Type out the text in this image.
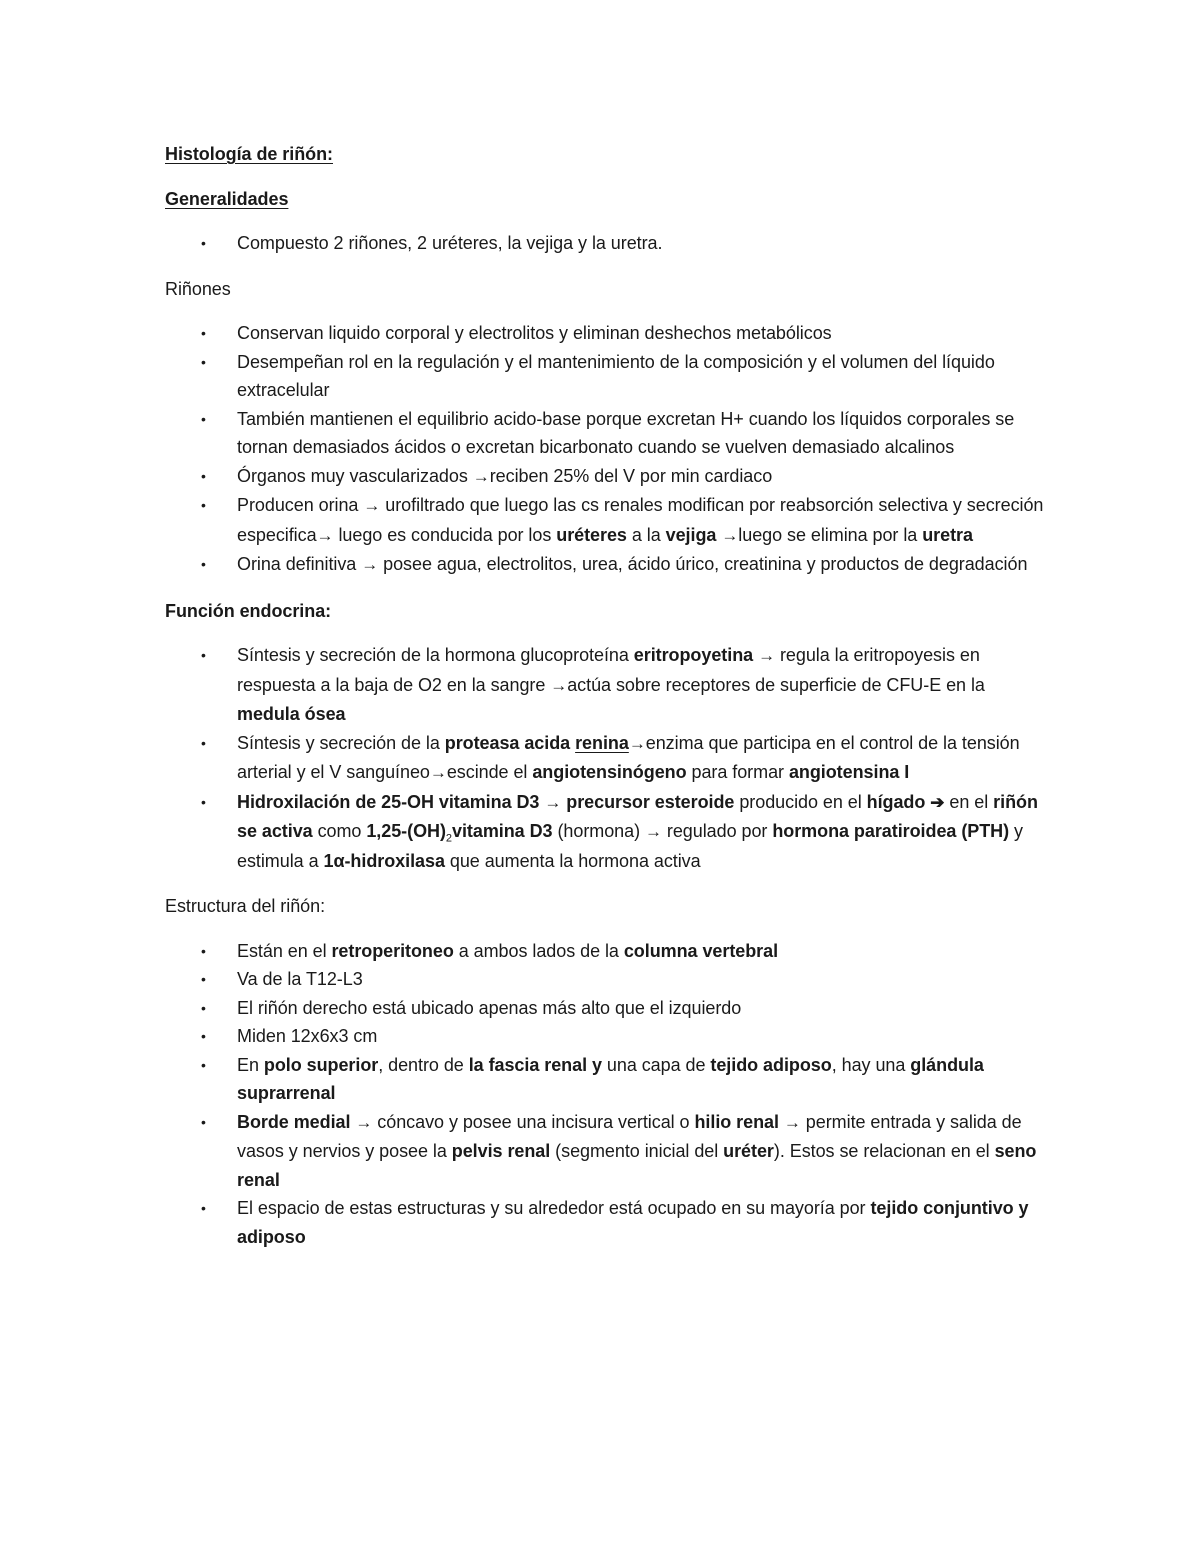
Histología de riñón:

Generalidades

•	Compuesto 2 riñones, 2 uréteres, la vejiga y la uretra.

Riñones

•	Conservan liquido corporal y electrolitos y eliminan deshechos metabólicos
•	Desempeñan rol en la regulación y el mantenimiento de la composición y el volumen del líquido extracelular
•	También mantienen el equilibrio acido-base porque excretan H+ cuando los líquidos corporales se tornan demasiados ácidos o excretan bicarbonato cuando se vuelven demasiado alcalinos
•	Órganos muy vascularizados →reciben 25% del V por min cardiaco
•	Producen orina → urofiltrado que luego las cs renales modifican por reabsorción selectiva y secreción especifica→ luego es conducida por los uréteres a la vejiga →luego se elimina por la uretra
•	Orina definitiva → posee agua, electrolitos, urea, ácido úrico, creatinina y productos de degradación

Función endocrina:

•	Síntesis y secreción de la hormona glucoproteína eritropoyetina → regula la eritropoyesis en respuesta a la baja de O2 en la sangre →actúa sobre receptores de superficie de CFU-E en la medula ósea
•	Síntesis y secreción de la proteasa acida renina→enzima que participa en el control de la tensión arterial y el V sanguíneo→escinde el angiotensinógeno para formar angiotensina I
•	Hidroxilación de 25-OH vitamina D3 → precursor esteroide producido en el hígado ➔ en el riñón se activa como $1,25-(OH)_2vitamina$ D3 (hormona) → regulado por hormona paratiroidea (PTH) y estimula a 1α-hidroxilasa que aumenta la hormona activa

Estructura del riñón:

•	Están en el retroperitoneo a ambos lados de la columna vertebral
•	Va de la T12-L3
•	El riñón derecho está ubicado apenas más alto que el izquierdo
•	Miden 12x6x3 cm
•	En polo superior, dentro de la fascia renal y una capa de tejido adiposo, hay una glándula suprarrenal
•	Borde medial → cóncavo y posee una incisura vertical o hilio renal → permite entrada y salida de vasos y nervios y posee la pelvis renal (segmento inicial del uréter). Estos se relacionan en el seno renal
•	El espacio de estas estructuras y su alrededor está ocupado en su mayoría por tejido conjuntivo y adiposo
